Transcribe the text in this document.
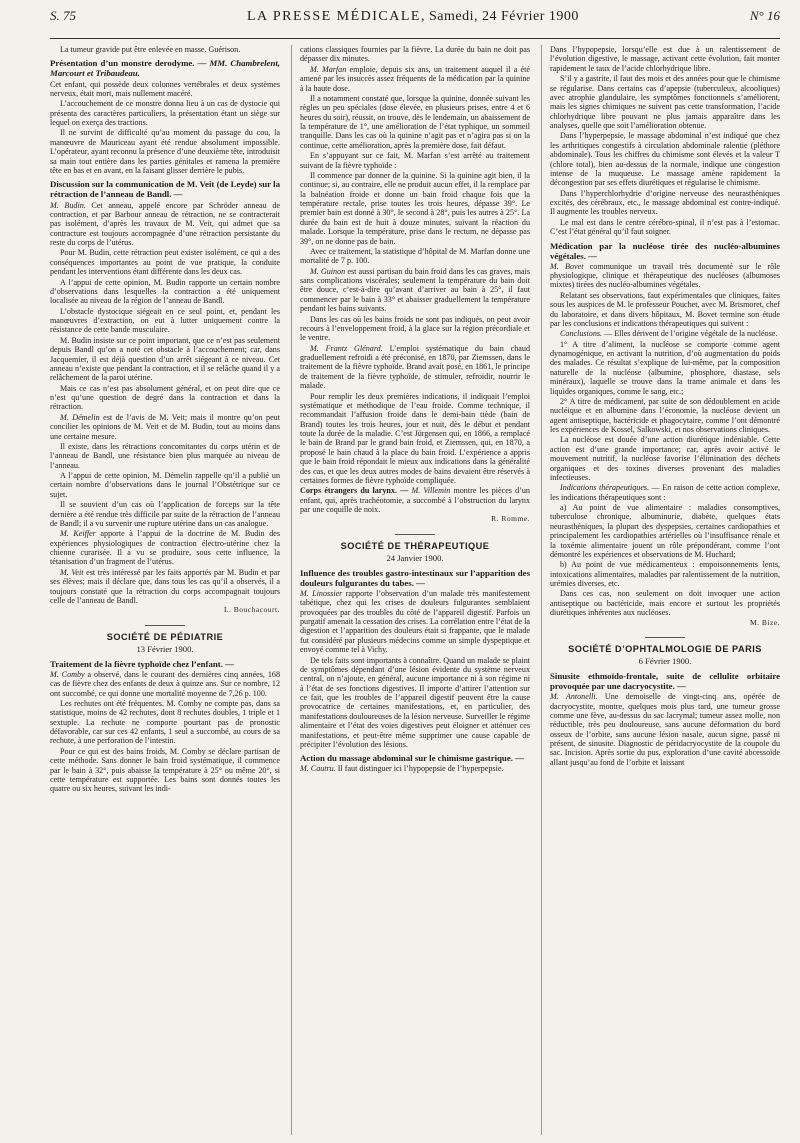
S. 75	LA PRESSE MÉDICALE, Samedi, 24 Février 1900	N° 16

La tumeur gravide put être enlevée en masse. Guérison.

Présentation d’un monstre derodyme. — MM. Chambrelent, Marcourt et Tribaudeau.

Cet enfant, qui possède deux colonnes vertébrales et deux systèmes nerveux, était mort, mais nullement macéré.

L’accouchement de ce monstre donna lieu à un cas de dystocie qui présenta des caractères particuliers, la présentation étant un siège sur lequel on exerça des tractions.

Il ne survint de difficulté qu’au moment du passage du cou, la manœuvre de Mauriceau ayant été rendue absolument impossible. L’opérateur, ayant reconnu la présence d’une deuxième tête, introduisit sa main tout entière dans les parties génitales et ramena la première tête en bas et en avant, en la faisant glisser derrière le pubis.

Discussion sur la communication de M. Veit (de Leyde) sur la rétraction de l’anneau de Bandl. —

M. Budin. Cet anneau, appelé encore par Schröder anneau de contraction, et par Barbour anneau de rétraction, ne se contracterait pas isolément, d’après les travaux de M. Veit, qui admet que sa contracture est toujours accompagnée d’une rétraction persistante du reste du corps de l’utérus.

Pour M. Budin, cette rétraction peut exister isolément, ce qui a des conséquences importantes au point de vue pratique, la conduite pendant les interventions étant différente dans les deux cas.

A l’appui de cette opinion, M. Budin rapporte un certain nombre d’observations dans lesquelles la contraction a été uniquement localisée au niveau de la région de l’anneau de Bandl.

L’obstacle dystocique siégeait en ce seul point, et, pendant les manœuvres d’extraction, on eut à lutter uniquement contre la résistance de cette bande musculaire.

M. Budin insiste sur ce point important, que ce n’est pas seulement depuis Bandl qu’on a noté cet obstacle à l’accouchement; car, dans Jacquemier, il est déjà question d’un arrêt siégeant à ce niveau. Cet anneau n’existe que pendant la contraction, et il se relâche quand il y a relâchement de la paroi utérine.

Mais ce cas n’est pas absolument général, et on peut dire que ce n’est qu’une question de degré dans la contraction et dans la rétraction.

M. Démelin est de l’avis de M. Veit; mais il montre qu’on peut concilier les opinions de M. Veit et de M. Budin, tout au moins dans une certaine mesure.

Il existe, dans les rétractions concomitantes du corps utérin et de l’anneau de Bandl, une résistance bien plus marquée au niveau de l’anneau.

A l’appui de cette opinion, M. Démelin rappelle qu’il a publié un certain nombre d’observations dans le journal l’Obstétrique sur ce sujet.

Il se souvient d’un cas où l’application de forceps sur la tête dernière a été rendue très difficile par suite de la rétraction de l’anneau de Bandl; il a vu survenir une rupture utérine dans un cas analogue.

M. Keiffer apporte à l’appui de la doctrine de M. Budin des expériences physiologiques de contraction électro-utérine chez la chienne curarisée. Il a vu se produire, sous cette influence, la tétanisation d’un fragment de l’utérus.

M. Veit est très intéressé par les faits apportés par M. Budin et par ses élèves; mais il déclare que, dans tous les cas qu’il a observés, il a toujours constaté que la rétraction du corps accompagnait toujours celle de l’anneau de Bandl.

L. Bouchacourt.
SOCIÉTÉ DE PÉDIATRIE
13 Février 1900.
Traitement de la fièvre typhoïde chez l’enfant. —

M. Comby a observé, dans le courant des dernières cinq années, 168 cas de fièvre chez des enfants de deux à quinze ans. Sur ce nombre, 12 ont succombé, ce qui donne une mortalité moyenne de 7,26 p. 100.

Les rechutes ont été fréquentes. M. Comby ne compte pas, dans sa statistique, moins de 42 rechutes, dont 8 rechutes doubles, 1 triple et 1 sextuple. La rechute ne comporte pourtant pas de pronostic défavorable, car sur ces 42 enfants, 1 seul a succombé, au cours de sa rechute, à une perforation de l’intestin.

Pour ce qui est des bains froids, M. Comby se déclare partisan de cette méthode. Sans donner le bain froid systématique, il commence par le bain à 32°, puis abaisse la température à 25° ou même 20°, si cette température est supportée. Les bains sont donnés toutes les quatre ou six heures, suivant les indi-

cations classiques fournies par la fièvre. La durée du bain ne doit pas dépasser dix minutes.

M. Marfan emploie, depuis six ans, un traitement auquel il a été amené par les insuccès assez fréquents de la médication par la quinine à la haute dose.

Il a notamment constaté que, lorsque la quinine, donnée suivant les règles un peu spéciales (dose élevée, en plusieurs prises, entre 4 et 6 heures du soir), réussit, on trouve, dès le lendemain, un abaissement de la température de 1°, une amélioration de l’état typhique, un sommeil tranquille. Dans les cas où la quinine n’agit pas et n’agira pas si on la continue, cette amélioration, après la première dose, fait défaut.

En s’appuyant sur ce fait, M. Marfan s’est arrêté au traitement suivant de la fièvre typhoïde :

Il commence par donner de la quinine. Si la quinine agit bien, il la continue; si, au contraire, elle ne produit aucun effet, il la remplace par la balnéation froide et donne un bain froid chaque fois que la température rectale, prise toutes les trois heures, dépasse 39°. Le premier bain est donné à 30°, le second à 28°, puis les autres à 25°. La durée du bain est de huit à douze minutes, suivant la réaction du malade. Lorsque la température, prise dans le rectum, ne dépasse pas 39°, on ne donne pas de bain.

Avec ce traitement, la statistique d’hôpital de M. Marfan donne une mortalité de 7 p. 100.

M. Guinon est aussi partisan du bain froid dans les cas graves, mais sans complications viscérales; seulement la température du bain doit être douce, c’est-à-dire qu’avant d’arriver au bain à 25°, il faut commencer par le bain à 33° et abaisser graduellement la température pendant les bains suivants.

Dans les cas où les bains froids ne sont pas indiqués, on peut avoir recours à l’enveloppement froid, à la glace sur la région précordiale et le ventre.

M. Frantz Glénard. L’emploi systématique du bain chaud graduellement refroidi a été préconisé, en 1870, par Ziemssen, dans le traitement de la fièvre typhoïde. Brand avait posé, en 1861, le principe de traitement de la fièvre typhoïde, de stimuler, refroidir, nourrir le malade.

Pour remplir les deux premières indications, il indiquait l’emploi systématique et méthodique de l’eau froide. Comme technique, il recommandait l’affusion froide dans le demi-bain tiède (bain de Brand) toutes les trois heures, jour et nuit, dès le début et pendant toute la durée de la maladie. C’est Jürgensen qui, en 1866, a remplacé le bain de Brand par le grand bain froid, et Ziemssen, qui, en 1870, a proposé le bain chaud à la place du bain froid. L’expérience a appris que le bain froid répondait le mieux aux indications dans la généralité des cas, et que les deux autres modes de bains devaient être réservés à certaines formes de fièvre typhoïde compliquée.

Corps étrangers du larynx. — M. Villemin montre les pièces d’un enfant, qui, après trachéotomie, a succombé à l’obstruction du larynx par une coquille de noix.

R. Romme.
SOCIÉTÉ DE THÉRAPEUTIQUE
24 Janvier 1900.
Influence des troubles gastro-intestinaux sur l’apparition des douleurs fulgurantes du tabes. —

M. Linossier rapporte l’observation d’un malade très manifestement tabétique, chez qui les crises de douleurs fulgurantes semblaient provoquées par des troubles du côté de l’appareil digestif. Parfois un purgatif amenait la cessation des crises. La corrélation entre l’état de la digestion et l’apparition des douleurs était si frappante, que le malade fut considéré par plusieurs médecins comme un simple dyspeptique et envoyé comme tel à Vichy.

De tels faits sont importants à connaître. Quand un malade se plaint de symptômes dépendant d’une lésion évidente du système nerveux central, on n’ajoute, en général, aucune importance ni à son régime ni à l’état de ses fonctions digestives. Il importe d’attirer l’attention sur ce fait, que les troubles de l’appareil digestif peuvent être la cause provocatrice de certaines manifestations, et, en particulier, des manifestations douloureuses de la lésion nerveuse. Surveiller le régime alimentaire et l’état des voies digestives peut éloigner et atténuer ces manifestations, et peut-être même supprimer une cause capable de précipiter l’évolution des lésions.

Action du massage abdominal sur le chimisme gastrique. —

M. Cautru. Il faut distinguer ici l’hypopepsie de l’hyperpepsie.

Dans l’hypopepsie, lorsqu’elle est due à un ralentissement de l’évolution digestive, le massage, activant cette évolution, fait monter rapidement le taux de l’acide chlorhydrique libre.

S’il y a gastrite, il faut des mois et des années pour que le chimisme se régularise. Dans certains cas d’apepsie (tuberculeux, alcooliques) avec atrophie glandulaire, les symptômes fonctionnels s’améliorent, mais les signes chimiques ne suivent pas cette transformation, l’acide chlorhydrique libre pouvant ne plus jamais apparaître dans les analyses, quelle que soit l’amélioration obtenue.

Dans l’hyperpepsie, le massage abdominal n’est indiqué que chez les arthritiques congestifs à circulation abdominale ralentie (pléthore abdominale). Tous les chiffres du chimisme sont élevés et la valeur T (chlore total), bien au-dessus de la normale, indique une congestion intense de la muqueuse. Le massage amène rapidement la décongestion par ses effets diurétiques et régularise le chimisme.

Dans l’hyperchlorhydrie d’origine nerveuse des neurasthéniques excités, des cérébraux, etc., le massage abdominal est contre-indiqué. Il augmente les troubles nerveux.

Le mal est dans le centre cérébro-spinal, il n’est pas à l’estomac. C’est l’état général qu’il faut soigner.

Médication par la nucléose tirée des nucléo-albumines végétales. —

M. Bovet communique un travail très documenté sur le rôle physiologique, clinique et thérapeutique des nucléoses (albumoses mixtes) tirées des nucléo-albumines végétales.

Relatant ses observations, faut expérimentales que cliniques, faites sous les auspices de M. le professeur Pouchet, avec M. Brismoret, chef du laboratoire, et dans divers hôpitaux, M. Bovet termine son étude par les conclusions et indications thérapeutiques qui suivent :

Conclusions. — Elles dérivent de l’origine végétale de la nucléose.

1° A titre d’aliment, la nucléose se comporte comme agent dynamogénique, en activant la nutrition, d’où augmentation du poids des malades. Ce résultat s’explique de lui-même, par la composition naturelle de la nucléose (albumine, phosphore, diastase, sels minéraux), laquelle se trouve dans la trame animale et dans les liquides organiques, comme le sang, etc.;

2° A titre de médicament, par suite de son dédoublement en acide nucléique et en albumine dans l’économie, la nucléose devient un agent antiseptique, bactéricide et phagocytaire, comme l’ont démontré les expériences de Kossel, Salkowski, et nos observations cliniques.

La nucléose est douée d’une action diurétique indéniable. Cette action est d’une grande importance; car, après avoir activé le mouvement nutritif, la nucléose favorise l’élimination des déchets organiques et des toxines diverses provenant des maladies infectieuses.

Indications thérapeutiques. — En raison de cette action complexe, les indications thérapeutiques sont :

a) Au point de vue alimentaire : maladies consomptives, tuberculose chronique, albuminurie, diabète, quelques états neurasthéniques, la plupart des dyspepsies, certaines cardiopathies et principalement les cardiopathies artérielles où l’insuffisance rénale et la toxémie alimentaire jouent un rôle prépondérant, comme l’ont démontré les expériences et observations de M. Huchard;

b) Au point de vue médicamenteux : empoisonnements lents, intoxications alimentaires, maladies par ralentissement de la nutrition, urémies diverses, etc.

Dans ces cas, non seulement on doit invoquer une action antiseptique ou bactéricide, mais encore et surtout les propriétés diurétiques inhérentes aux nucléoses.

M. Bize.
SOCIÉTÉ D’OPHTALMOLOGIE DE PARIS
6 Février 1900.
Sinusite ethmoïdo-frontale, suite de cellulite orbitaire provoquée par une dacryocystite. —

M. Antonelli. Une demoiselle de vingt-cinq ans, opérée de dacryocystite, montre, quelques mois plus tard, une tumeur grosse comme une fève, au-dessus du sac lacrymal; tumeur assez molle, non réductible, très peu douloureuse, sans aucune déformation du bord osseux de l’orbite, sans aucune lésion nasale, aucun signe, passé ni présent, de sinusite. Diagnostic de péridacryocystite de la coupole du sac. Incision. Après sortie du pus, exploration d’une cavité abcessoïde allant jusqu’au fond de l’orbite et laissant
